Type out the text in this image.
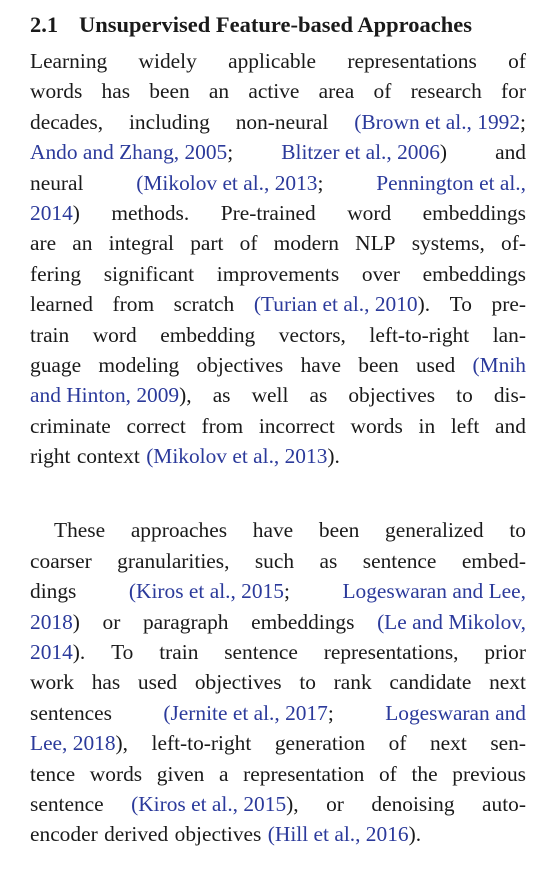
2.1 Unsupervised Feature-based Approaches
Learning widely applicable representations of
words has been an active area of research for
decades, including non-neural (Brown et al., 1992;
Ando and Zhang, 2005; Blitzer et al., 2006) and
neural (Mikolov et al., 2013; Pennington et al.,
2014) methods. Pre-trained word embeddings
are an integral part of modern NLP systems, of-
fering significant improvements over embeddings
learned from scratch (Turian et al., 2010). To pre-
train word embedding vectors, left-to-right lan-
guage modeling objectives have been used (Mnih
and Hinton, 2009), as well as objectives to dis-
criminate correct from incorrect words in left and
right context (Mikolov et al., 2013).
These approaches have been generalized to
coarser granularities, such as sentence embed-
dings (Kiros et al., 2015; Logeswaran and Lee,
2018) or paragraph embeddings (Le and Mikolov,
2014). To train sentence representations, prior
work has used objectives to rank candidate next
sentences (Jernite et al., 2017; Logeswaran and
Lee, 2018), left-to-right generation of next sen-
tence words given a representation of the previous
sentence (Kiros et al., 2015), or denoising auto-
encoder derived objectives (Hill et al., 2016).
